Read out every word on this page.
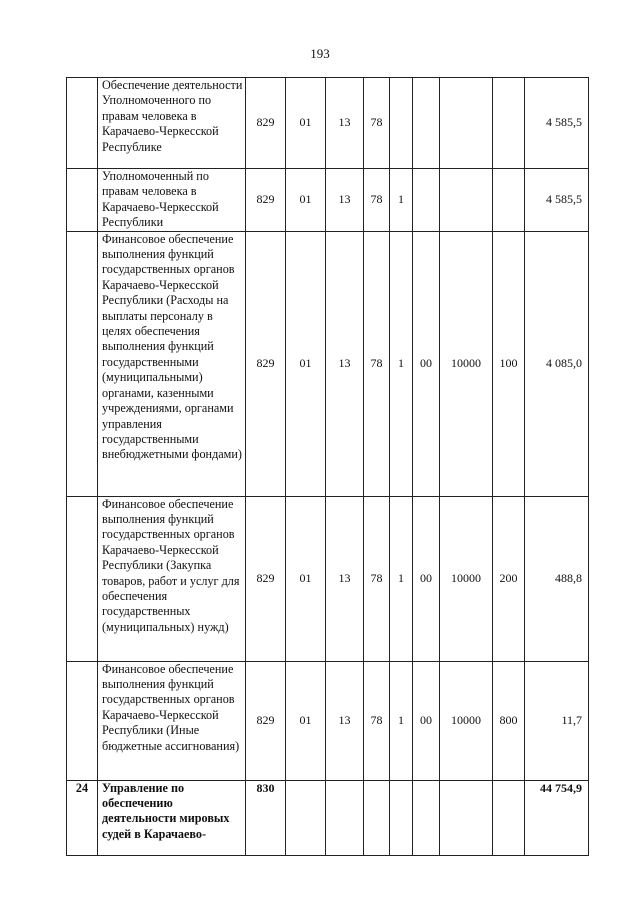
193
	Обеспечение деятельности Уполномоченного по правам человека в Карачаево-Черкесской Республике	829	01	13	78					4 585,5
	Уполномоченный по правам человека в Карачаево-Черкесской Республики	829	01	13	78	1				4 585,5
	Финансовое обеспечение выполнения функций государственных органов Карачаево-Черкесской Республики (Расходы на выплаты персоналу в целях обеспечения выполнения функций государственными (муниципальными) органами, казенными учреждениями, органами управления государственными внебюджетными фондами)	829	01	13	78	1	00	10000	100	4 085,0
	Финансовое обеспечение выполнения функций государственных органов Карачаево-Черкесской Республики (Закупка товаров, работ и услуг для обеспечения государственных (муниципальных) нужд)	829	01	13	78	1	00	10000	200	488,8
	Финансовое обеспечение выполнения функций государственных органов Карачаево-Черкесской Республики (Иные бюджетные ассигнования)	829	01	13	78	1	00	10000	800	11,7
24	Управление по обеспечению деятельности мировых судей в Карачаево-	830								44 754,9
